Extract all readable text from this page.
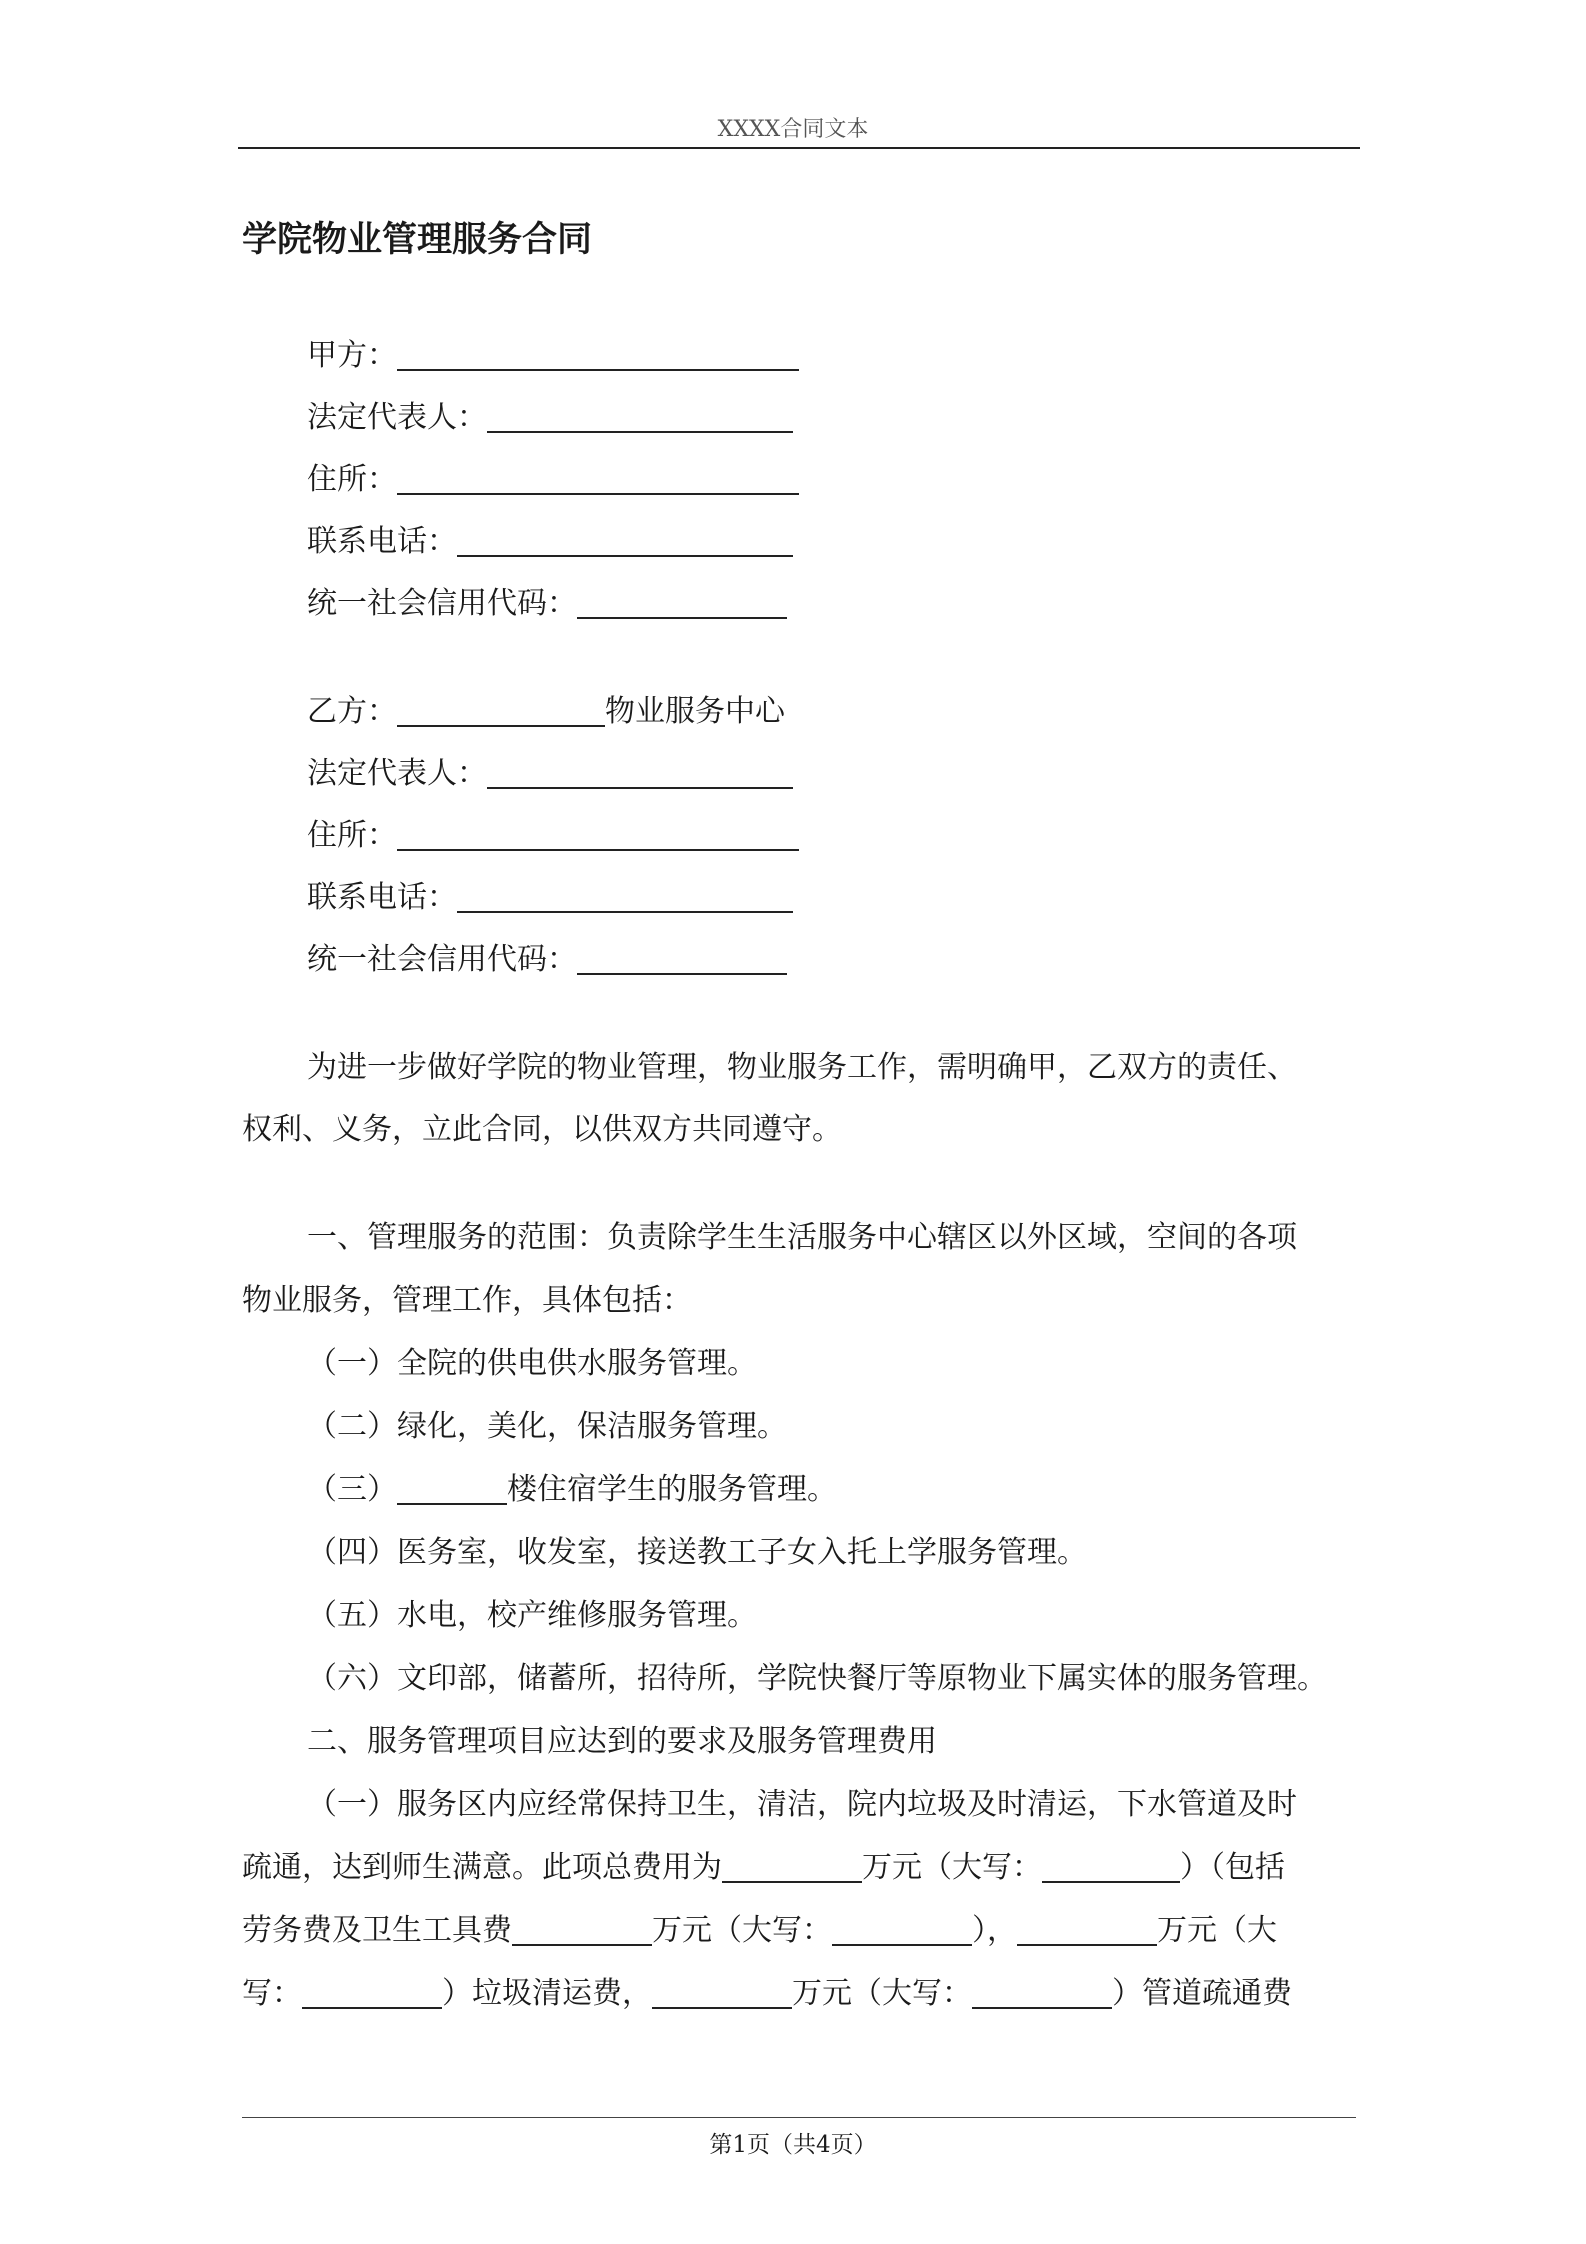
XXXX合同文本
学院物业管理服务合同
甲方：
法定代表人：
住所：
联系电话：
统一社会信用代码：
乙方：	物业服务中心
法定代表人：
住所：
联系电话：
统一社会信用代码：
为进一步做好学院的物业管理，物业服务工作，需明确甲，乙双方的责任、
权利、义务，立此合同，以供双方共同遵守。
一、管理服务的范围：负责除学生生活服务中心辖区以外区域，空间的各项
物业服务，管理工作，具体包括：
（一）全院的供电供水服务管理。
（二）绿化，美化，保洁服务管理。
（三）	楼住宿学生的服务管理。
（四）医务室，收发室，接送教工子女入托上学服务管理。
（五）水电，校产维修服务管理。
（六）文印部，储蓄所，招待所，学院快餐厅等原物业下属实体的服务管理。
二、服务管理项目应达到的要求及服务管理费用
（一）服务区内应经常保持卫生，清洁，院内垃圾及时清运，下水管道及时
疏通，达到师生满意。此项总费用为	万元（大写：	）（包括
劳务费及卫生工具费	万元（大写：	），	万元（大
写：	）垃圾清运费，	万元（大写：	）管道疏通费
第1页（共4页）
